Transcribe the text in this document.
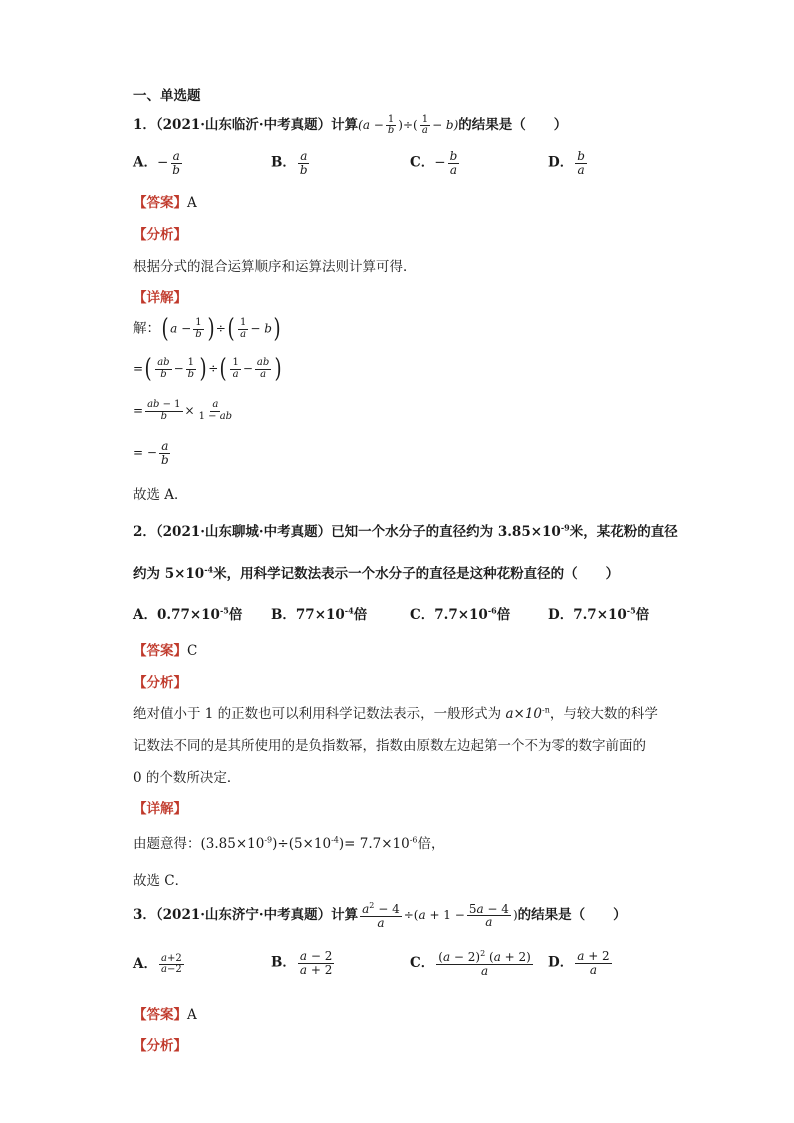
一、单选题
1．（2021·山东临沂·中考真题）计算($a - \frac{1}{b}$ )÷( $\frac{1}{a} - b$)的结果是（ ）
A．− $\frac{a}{b}$	B． $\frac{a}{b}$	C．− $\frac{b}{a}$	D． $\frac{b}{a}$
【答案】A
【分析】
根据分式的混合运算顺序和运算法则计算可得．
【详解】
解：( $a - \frac{1}{b}$ ) ÷( $\frac{1}{a} - b$)
=( $\frac{ab}{b} - \frac{1}{b}$ ) ÷( $\frac{1}{a} - \frac{ab}{a}$ )
= $\frac{ab - 1}{b} \times \frac{a}{1 - ab}$
= − $\frac{a}{b}$
故选 A．
2．（2021·山东聊城·中考真题）已知一个水分子的直径约为 $3.85\times 10^{-9}$米，某花粉的直径
约为 $5\times 10^{-4}$米，用科学记数法表示一个水分子的直径是这种花粉直径的（ ）
A．$0.77\times 10^{-5}$倍 B．$77\times 10^{-4}$倍	C．$7.7\times 10^{-6}$倍	D．$7.7\times 10^{-5}$倍
【答案】C
【分析】
绝对值小于 1 的正数也可以利用科学记数法表示，一般形式为 $a\times 10^{-n}$，与较大数的科学
记数法不同的是其所使用的是负指数幂，指数由原数左边起第一个不为零的数字前面的
0 的个数所决定．
【详解】
由题意得：$(3.85\times 10^{-9})\div(5\times 10^{-4})= 7.7\times 10^{-6}$倍，
故选 C．
3．（2021·山东济宁·中考真题）计算 $\frac{a^2 - 4}{a} \div(a + 1 - \frac{5a - 4}{a}$ )的结果是（ ）
A． $\frac{a+2}{a-2}$	B． $\frac{a - 2}{a + 2}$	C． $\frac{(a - 2)^2 (a + 2)}{a}$ D． $\frac{a + 2}{a}$
【答案】A
【分析】
